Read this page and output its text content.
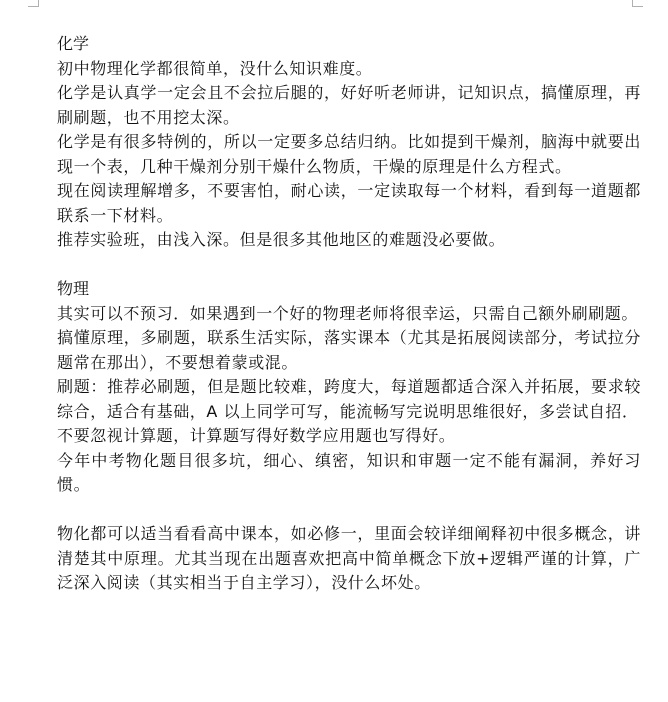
化学

初中物理化学都很简单，没什么知识难度。

化学是认真学一定会且不会拉后腿的，好好听老师讲，记知识点，搞懂原理，再刷刷题，也不用挖太深。

化学是有很多特例的，所以一定要多总结归纳。比如提到干燥剂，脑海中就要出现一个表，几种干燥剂分别干燥什么物质，干燥的原理是什么方程式。

现在阅读理解增多，不要害怕，耐心读，一定读取每一个材料，看到每一道题都联系一下材料。

推荐实验班，由浅入深。但是很多其他地区的难题没必要做。

物理

其实可以不预习．如果遇到一个好的物理老师将很幸运，只需自己额外刷刷题。

搞懂原理，多刷题，联系生活实际，落实课本（尤其是拓展阅读部分，考试拉分题常在那出），不要想着蒙或混。

刷题：推荐必刷题，但是题比较难，跨度大，每道题都适合深入并拓展，要求较综合，适合有基础，A 以上同学可写，能流畅写完说明思维很好，多尝试自招．

不要忽视计算题，计算题写得好数学应用题也写得好。

今年中考物化题目很多坑，细心、缜密，知识和审题一定不能有漏洞，养好习惯。

物化都可以适当看看高中课本，如必修一，里面会较详细阐释初中很多概念，讲清楚其中原理。尤其当现在出题喜欢把高中简单概念下放+逻辑严谨的计算，广泛深入阅读（其实相当于自主学习），没什么坏处。
